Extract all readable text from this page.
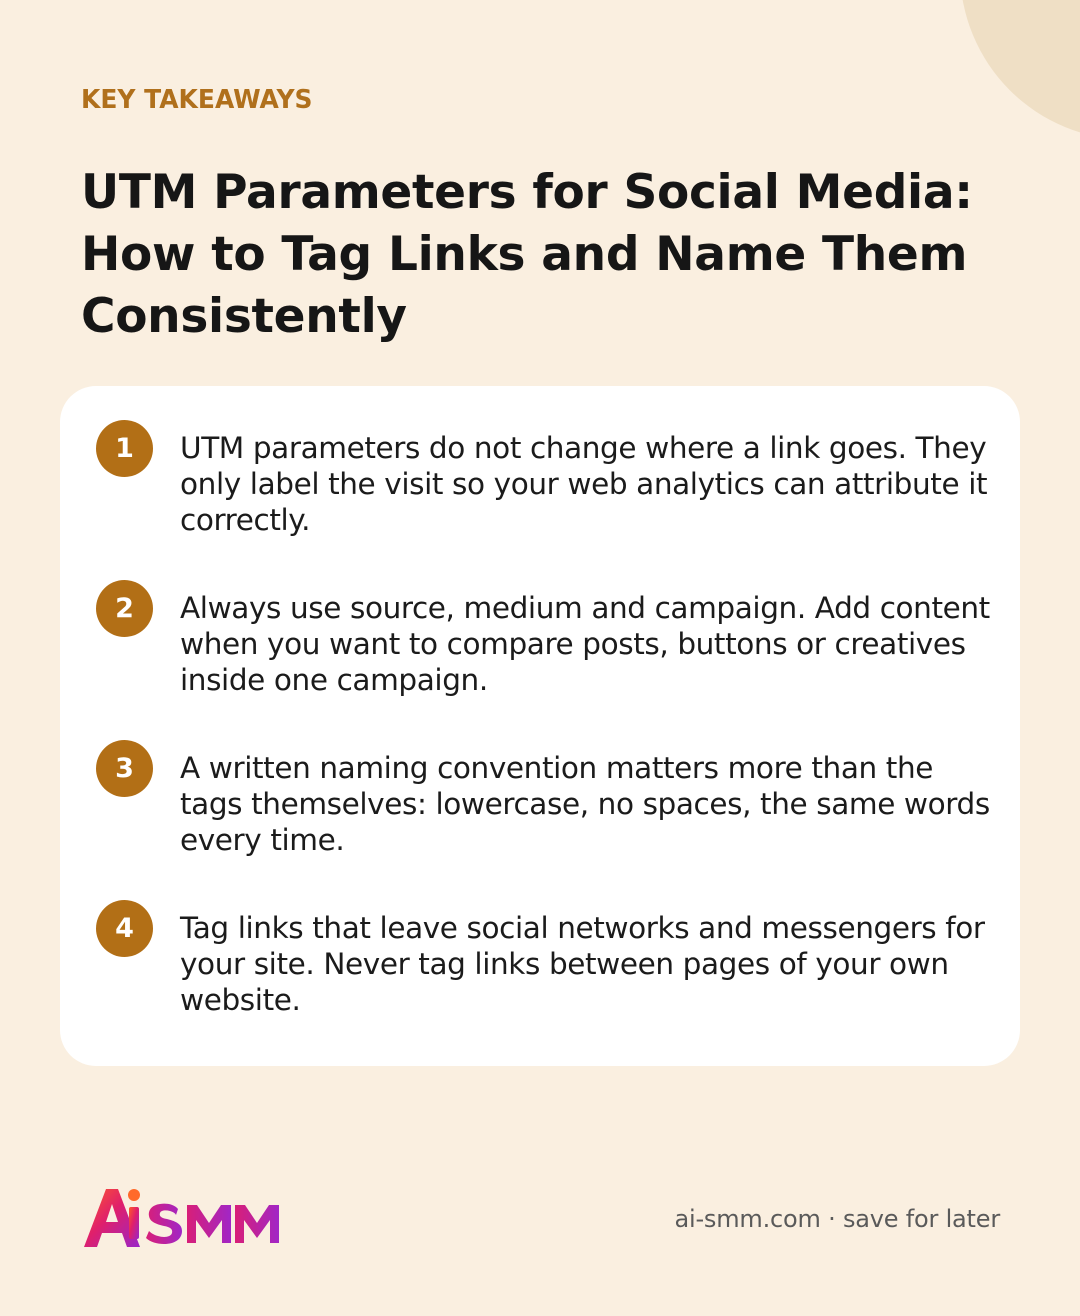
KEY TAKEAWAYS

UTM Parameters for Social Media: How to Tag Links and Name Them Consistently
1	UTM parameters do not change where a link goes. They only label the visit so your web analytics can attribute it correctly.

2	Always use source, medium and campaign. Add content when you want to compare posts, buttons or creatives inside one campaign.

3	A written naming convention matters more than the tags themselves: lowercase, no spaces, the same words every time.

4	Tag links that leave social networks and messengers for your site. Never tag links between pages of your own website.

ai-smm.com · save for later
